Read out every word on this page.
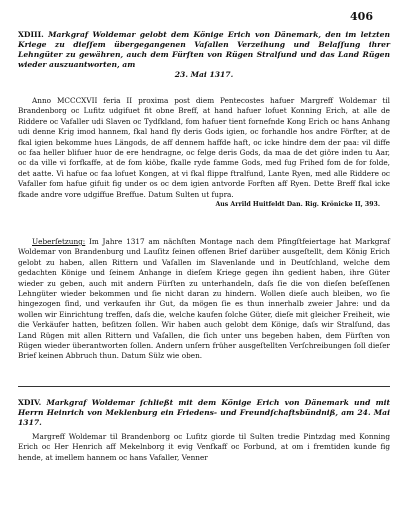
406
XDIII. Markgraf Woldemar gelobt dem Könige Erich von Dänemark, den im letzten Kriege zu dieſſem übergegangenen Vaſallen Verzeihung und Belaſſung ihrer Lehngüter zu gewähren, auch dem Fürſten von Rügen Stralſund und das Land Rügen wieder auszuantworten, am
23. Mai 1317.
Anno MCCCXVII feria II proxima post diem Pentecostes hafuer Margreff Woldemar til Brandenborg oc Lufitz udgifuet fit obne Breff, at hand hafuer lofuet Konning Erich, at alle de Riddere oc Vafaller udi Slaven oc Tydfkland, fom hafuer tient fornefnde Kong Erich oc hans Anhang udi denne Krig imod hannem, fkal hand fly deris Gods igien, oc forhandle hos andre Förfter, at de fkal igien bekomme hues Längods, de aff dennem haffde haft, oc icke hindre dem der paa: vil diffe oc faa heller blifuer huor de ere hendragne, oc felge deris Gods, da maa de det giöre inden tu Aar, oc da ville vi forfkaffe, at de fom kiöbe, fkalle ryde famme Gods, med fug Frihed fom de for folde, det aatte. Vi hafue oc faa lofuet Kongen, at vi fkal flippe ftralfund, Lante Ryen, med alle Riddere oc Vafaller fom hafue gifuit fig under os oc dem igien antvorde Forften aff Ryen. Dette Breff fkal icke fkade andre vore udgiffue Breffue. Datum Sulten ut fupra.
Aus Arrild Huitfeldt Dan. Rig. Krönicke II, 393.
Ueberſetzung: Im Jahre 1317 am nächſten Montage nach dem Pfingſtfeiertage hat Markgraf Woldemar von Brandenburg und Lauſitz ſeinen offenen Brief darüber ausgeſtellt, dem König Erich gelobt zu haben, allen Rittern und Vaſallen im Slavenlande und in Deutſchland, welche dem gedachten Könige und ſeinem Anhange in dieſem Kriege gegen ihn gedient haben, ihre Güter wieder zu geben, auch mit andern Fürſten zu unterhandeln, daſs ſie die von dieſen beſeſſenen Lehngüter wieder bekommen und ſie nicht daran zu hindern. Wollen dieſe auch bleiben, wo ſie hingezogen ſind, und verkaufen ihr Gut, da mögen ſie es thun innerhalb zweier Jahre: und da wollen wir Einrichtung treffen, daſs die, welche kaufen ſolche Güter, dieſe mit gleicher Freiheit, wie die Verkäufer hatten, beſitzen ſollen. Wir haben auch gelobt dem Könige, daſs wir Stralſund, das Land Rügen mit allen Rittern und Vaſallen, die ſich unter uns begeben haben, dem Fürſten von Rügen wieder überantworten ſollen. Andern unſern früher ausgeſtellten Verſchreibungen ſoll dieſer Brief keinen Abbruch thun. Datum Sülz wie oben.
XDIV. Markgraf Woldemar ſchließt mit dem Könige Erich von Dänemark und mit Herrn Heinrich von Meklenburg ein Friedens- und Freundſchaftsbündniß, am 24. Mai 1317.
Margreff Woldemar til Brandenborg oc Lufitz giorde til Sulten tredie Pintzdag med Konning Erich oc Her Henrich aff Mekelnborg it evig Venfkaff oc Forbund, at om i fremtiden kunde fig hende, at imellem hannem oc hans Vafaller, Venner
